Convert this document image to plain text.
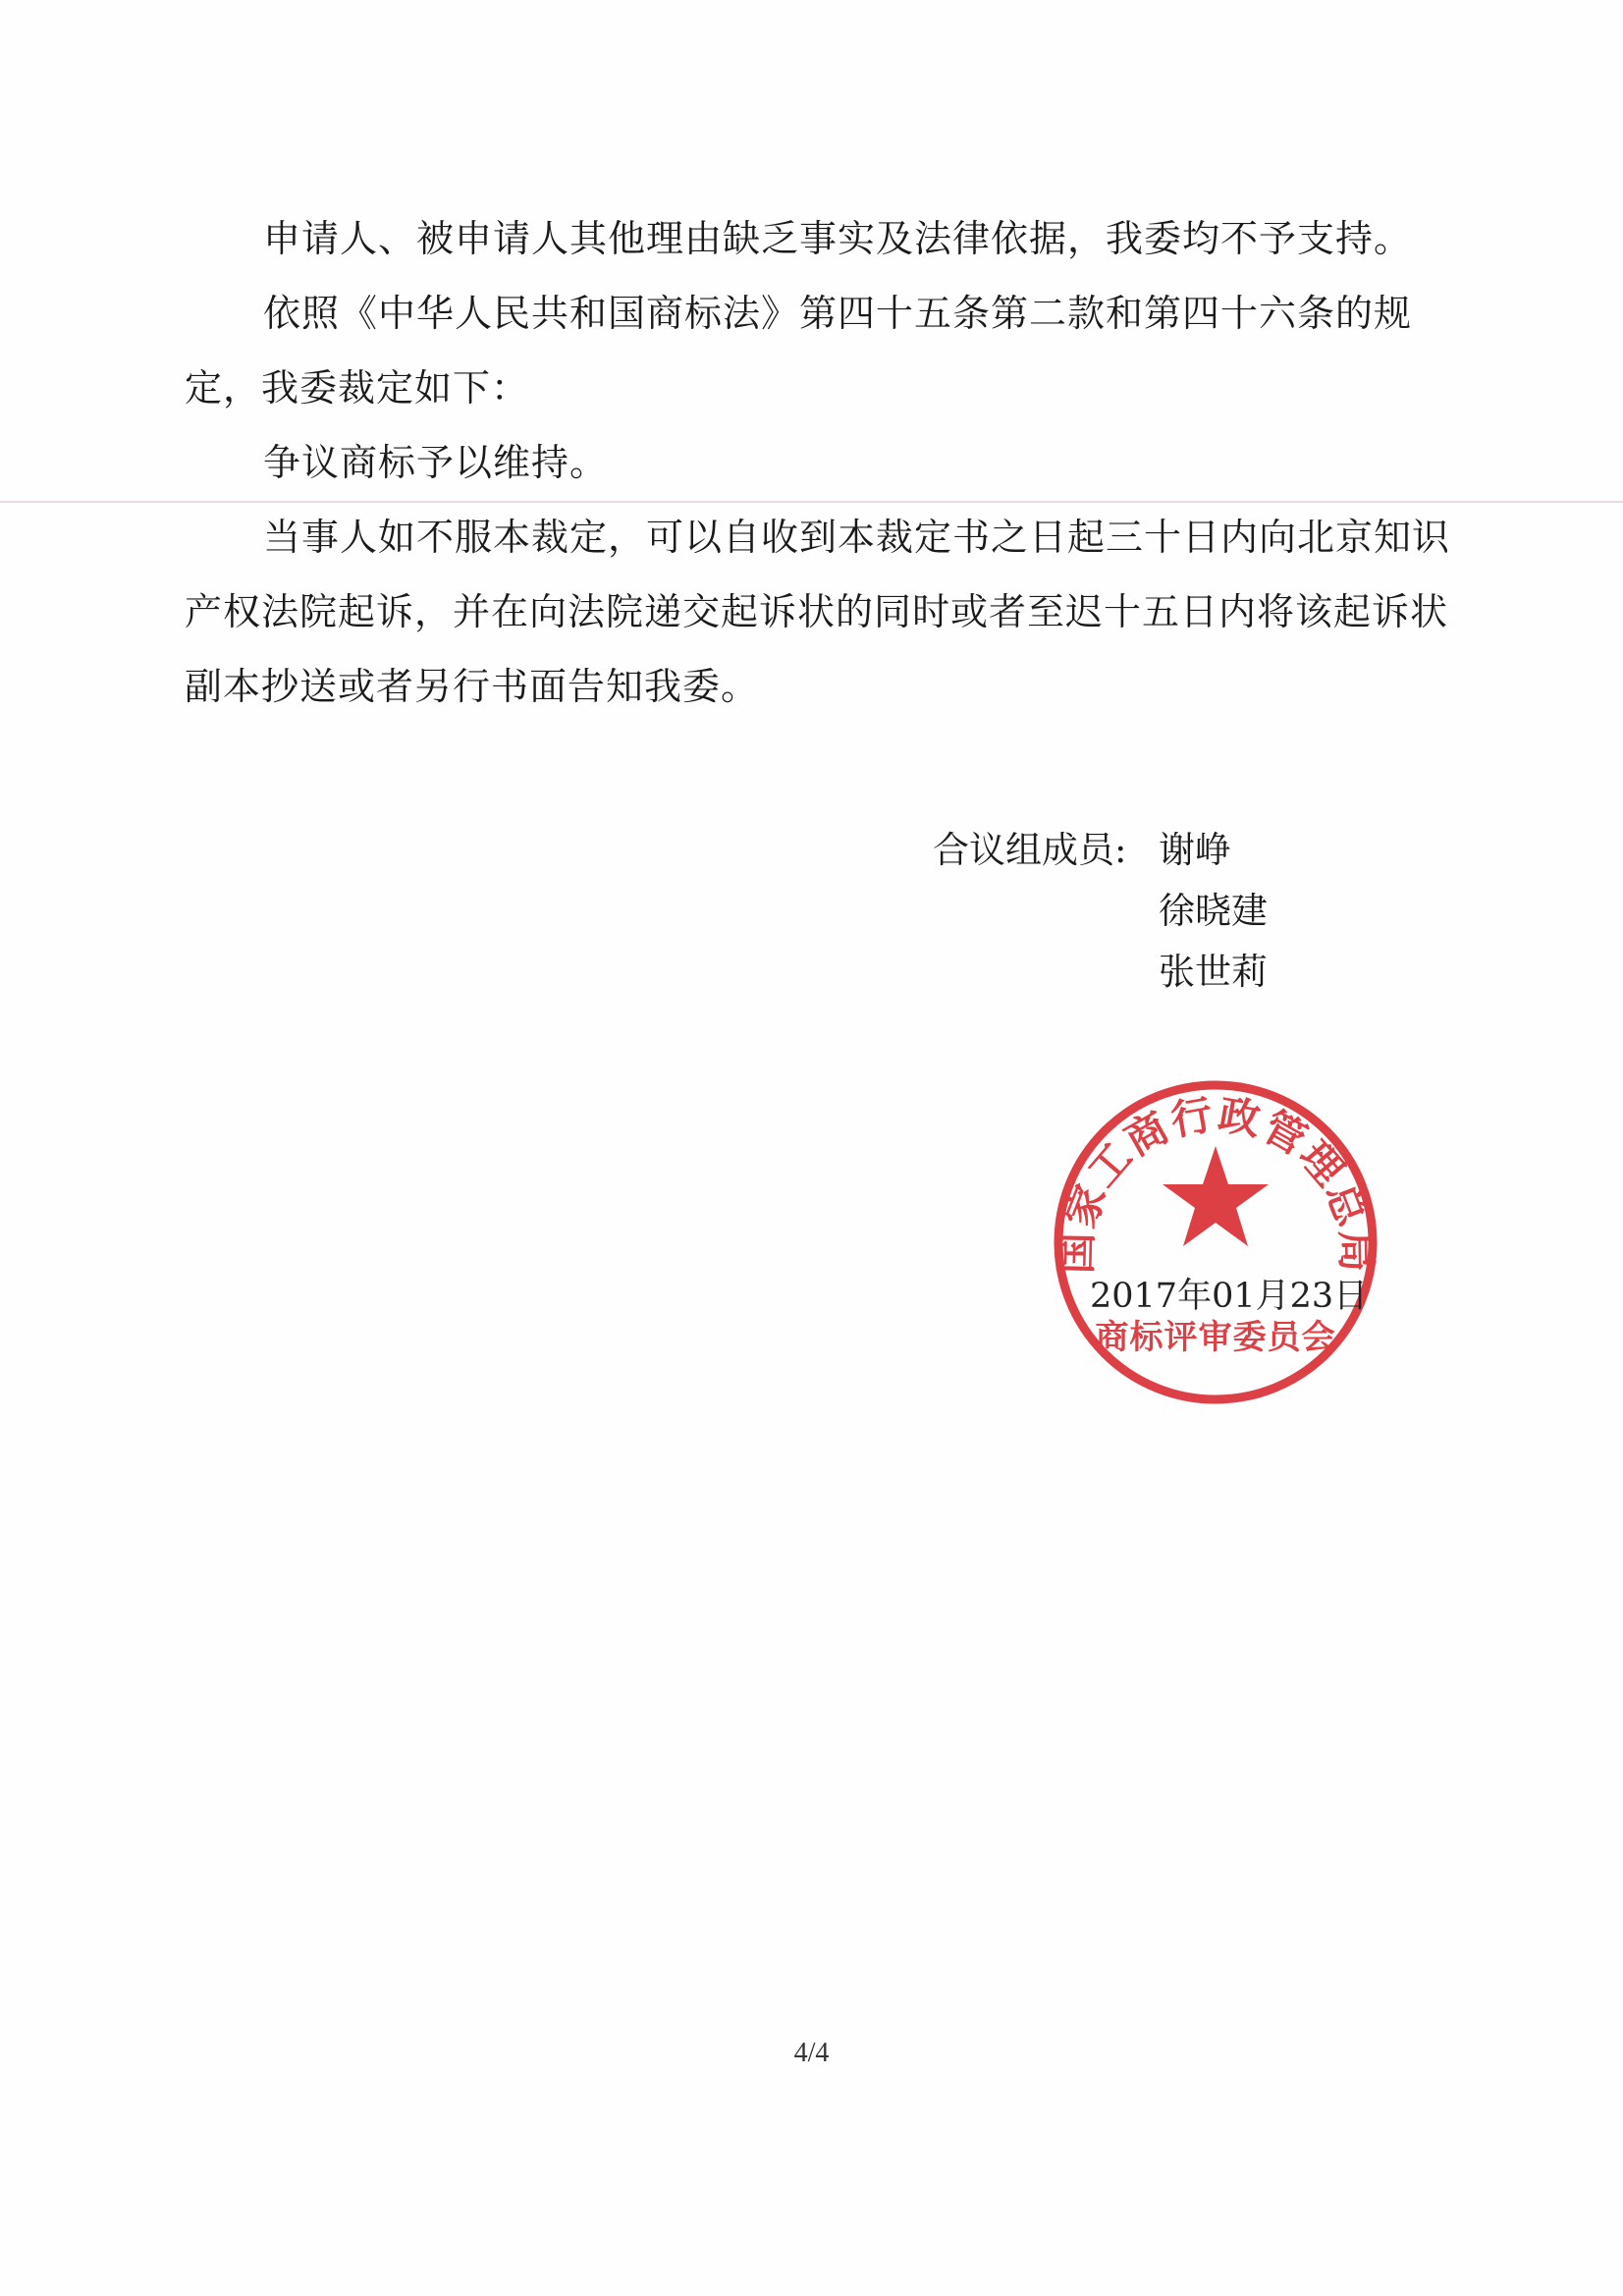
申请人、被申请人其他理由缺乏事实及法律依据，我委均不予支持。

依照《中华人民共和国商标法》第四十五条第二款和第四十六条的规定，我委裁定如下：

争议商标予以维持。

当事人如不服本裁定，可以自收到本裁定书之日起三十日内向北京知识产权法院起诉，并在向法院递交起诉状的同时或者至迟十五日内将该起诉状副本抄送或者另行书面告知我委。

合议组成员: 谢峥
徐晓建
张世莉
国家工商行政管理总局
商标评审委员会
2017年01月23日
4/4
